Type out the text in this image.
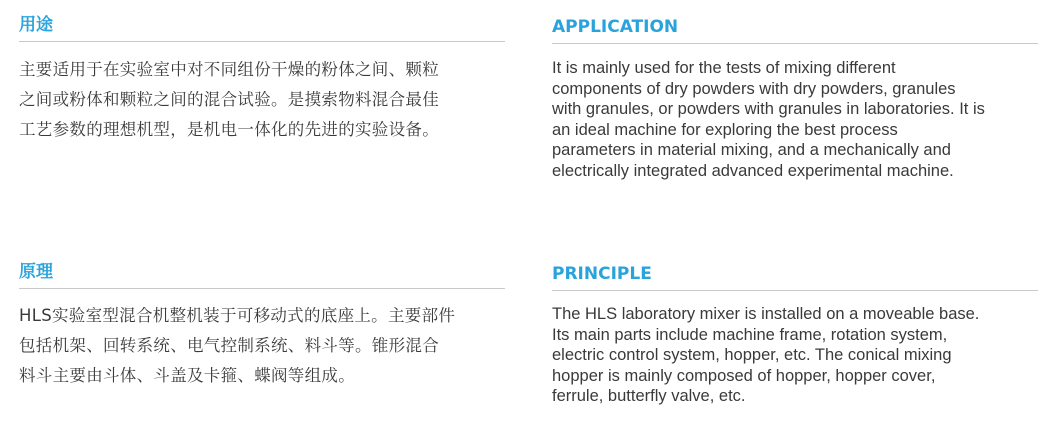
用途
主要适用于在实验室中对不同组份干燥的粉体之间、颗粒
之间或粉体和颗粒之间的混合试验。是摸索物料混合最佳
工艺参数的理想机型，是机电一体化的先进的实验设备。
APPLICATION
It is mainly used for the tests of mixing different
components of dry powders with dry powders, granules
with granules, or powders with granules in laboratories. It is
an ideal machine for exploring the best process
parameters in material mixing, and a mechanically and
electrically integrated advanced experimental machine.
原理
HLS实验室型混合机整机装于可移动式的底座上。主要部件
包括机架、回转系统、电气控制系统、料斗等。锥形混合
料斗主要由斗体、斗盖及卡箍、蝶阀等组成。
PRINCIPLE
The HLS laboratory mixer is installed on a moveable base.
Its main parts include machine frame, rotation system,
electric control system, hopper, etc. The conical mixing
hopper is mainly composed of hopper, hopper cover,
ferrule, butterfly valve, etc.
